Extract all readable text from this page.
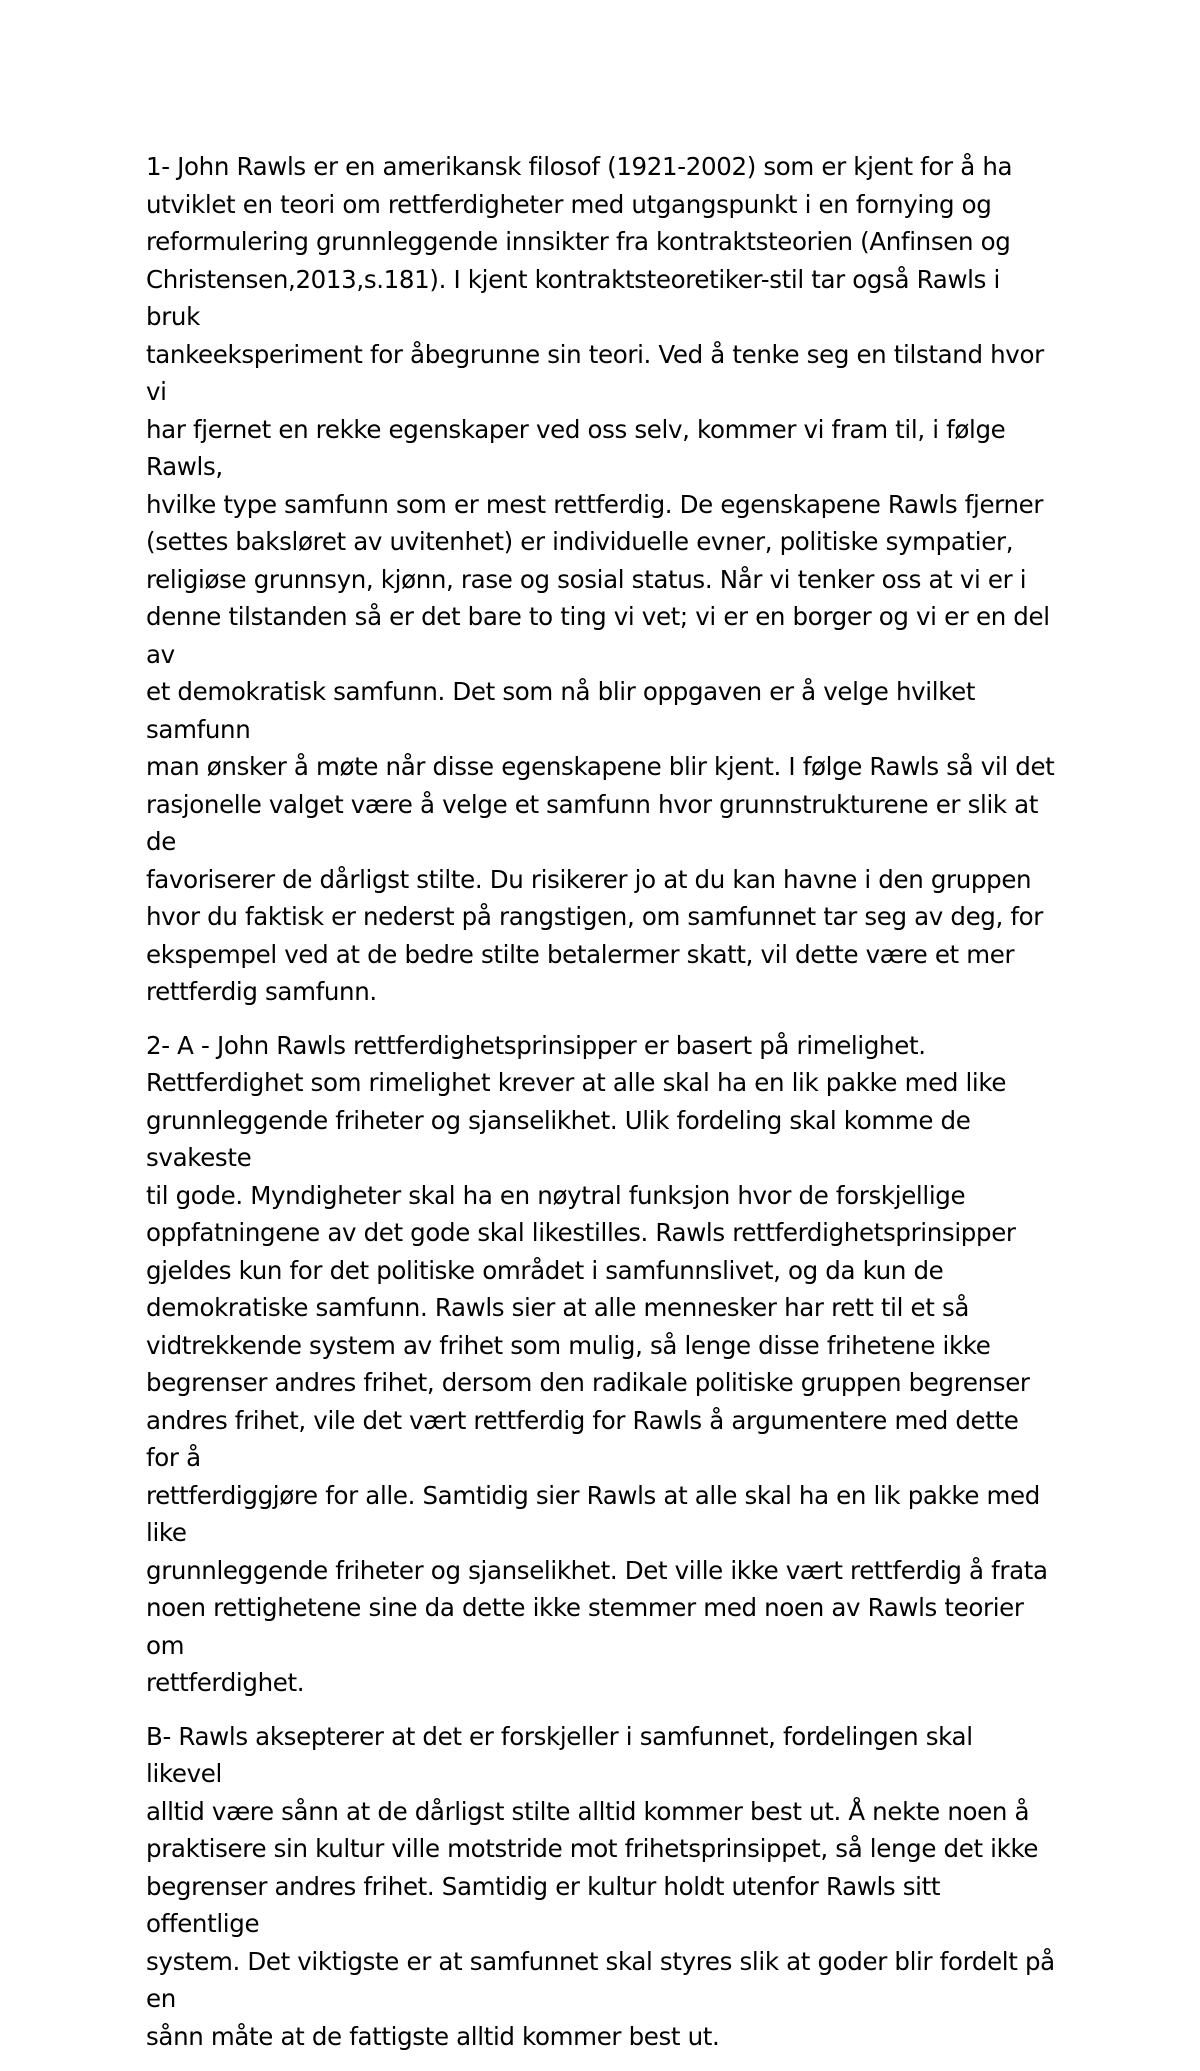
1- John Rawls er en amerikansk filosof (1921-2002) som er kjent for å ha
utviklet en teori om rettferdigheter med utgangspunkt i en fornying og
reformulering grunnleggende innsikter fra kontraktsteorien (Anfinsen og
Christensen,2013,s.181). I kjent kontraktsteoretiker-stil tar også Rawls i bruk
tankeeksperiment for åbegrunne sin teori. Ved å tenke seg en tilstand hvor vi
har fjernet en rekke egenskaper ved oss selv, kommer vi fram til, i følge Rawls,
hvilke type samfunn som er mest rettferdig. De egenskapene Rawls fjerner
(settes baksløret av uvitenhet) er individuelle evner, politiske sympatier,
religiøse grunnsyn, kjønn, rase og sosial status. Når vi tenker oss at vi er i
denne tilstanden så er det bare to ting vi vet; vi er en borger og vi er en del av
et demokratisk samfunn. Det som nå blir oppgaven er å velge hvilket samfunn
man ønsker å møte når disse egenskapene blir kjent. I følge Rawls så vil det
rasjonelle valget være å velge et samfunn hvor grunnstrukturene er slik at de
favoriserer de dårligst stilte. Du risikerer jo at du kan havne i den gruppen
hvor du faktisk er nederst på rangstigen, om samfunnet tar seg av deg, for
ekspempel ved at de bedre stilte betalermer skatt, vil dette være et mer
rettferdig samfunn.

2- A - John Rawls rettferdighetsprinsipper er basert på rimelighet.
Rettferdighet som rimelighet krever at alle skal ha en lik pakke med like
grunnleggende friheter og sjanselikhet. Ulik fordeling skal komme de svakeste
til gode. Myndigheter skal ha en nøytral funksjon hvor de forskjellige
oppfatningene av det gode skal likestilles. Rawls rettferdighetsprinsipper
gjeldes kun for det politiske området i samfunnslivet, og da kun de
demokratiske samfunn. Rawls sier at alle mennesker har rett til et så
vidtrekkende system av frihet som mulig, så lenge disse frihetene ikke
begrenser andres frihet, dersom den radikale politiske gruppen begrenser
andres frihet, vile det vært rettferdig for Rawls å argumentere med dette for å
rettferdiggjøre for alle. Samtidig sier Rawls at alle skal ha en lik pakke med like
grunnleggende friheter og sjanselikhet. Det ville ikke vært rettferdig å frata
noen rettighetene sine da dette ikke stemmer med noen av Rawls teorier om
rettferdighet.

B- Rawls aksepterer at det er forskjeller i samfunnet, fordelingen skal likevel
alltid være sånn at de dårligst stilte alltid kommer best ut. Å nekte noen å
praktisere sin kultur ville motstride mot frihetsprinsippet, så lenge det ikke
begrenser andres frihet. Samtidig er kultur holdt utenfor Rawls sitt offentlige
system. Det viktigste er at samfunnet skal styres slik at goder blir fordelt på en
sånn måte at de fattigste alltid kommer best ut.
